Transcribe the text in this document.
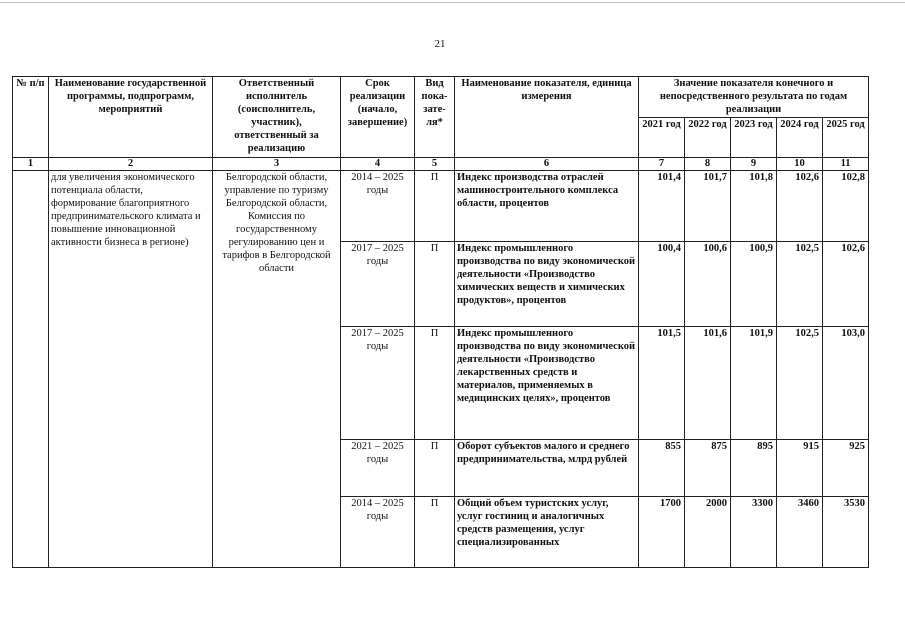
21
№ п/п	Наименование государственной программы, подпрограмм, мероприятий	Ответственный исполнитель (соисполнитель, участник), ответственный за реализацию	Срок реализации (начало, завершение)	Вид пока-зате-ля*	Наименование показателя, единица измерения	Значение показателя конечного и непосредственного результата по годам реализации				
						2021 год	2022 год	2023 год	2024 год	2025 год
1	2	3	4	5	6	7	8	9	10	11
	для увеличения экономического потенциала области, формирование благоприятного предпринимательского климата и повышение инновационной активности бизнеса в регионе)	Белгородской области, управление по туризму Белгородской области, Комиссия по государственному регулированию цен и тарифов в Белгородской области	2014 – 2025 годы	П	Индекс производства отраслей машиностроительного комплекса области, процентов	101,4	101,7	101,8	102,6	102,8
			2017 – 2025 годы	П	Индекс промышленного производства по виду экономической деятельности «Производство химических веществ и химических продуктов», процентов	100,4	100,6	100,9	102,5	102,6
			2017 – 2025 годы	П	Индекс промышленного производства по виду экономической деятельности «Производство лекарственных средств и материалов, применяемых в медицинских целях», процентов	101,5	101,6	101,9	102,5	103,0
			2021 – 2025 годы	П	Оборот субъектов малого и среднего предпринимательства, млрд рублей	855	875	895	915	925
			2014 – 2025 годы	П	Общий объем туристских услуг, услуг гостиниц и аналогичных средств размещения, услуг специализированных	1700	2000	3300	3460	3530
